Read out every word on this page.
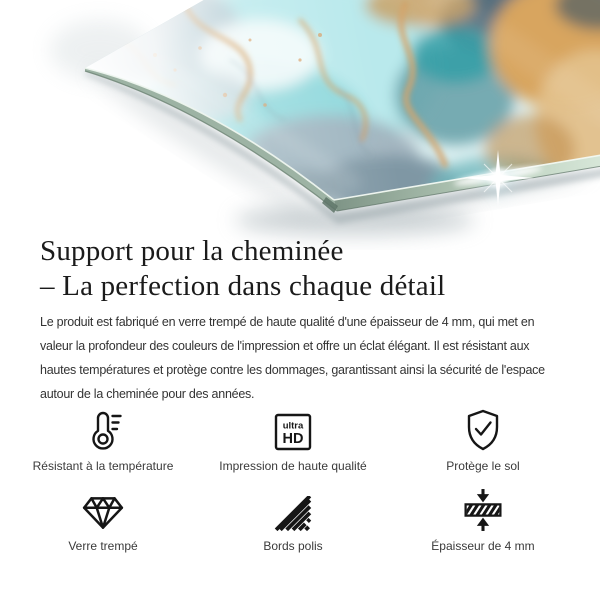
Support pour la cheminée
– La perfection dans chaque détail
Le produit est fabriqué en verre trempé de haute qualité d'une épaisseur de 4 mm, qui met en
valeur la profondeur des couleurs de l'impression et offre un éclat élégant. Il est résistant aux
hautes températures et protège contre les dommages, garantissant ainsi la sécurité de l'espace
autour de la cheminée pour des années.
Résistant à la température
ultra
HD
Impression de haute qualité	Protège le sol
Verre trempé	Bords polis	Épaisseur de 4 mm
